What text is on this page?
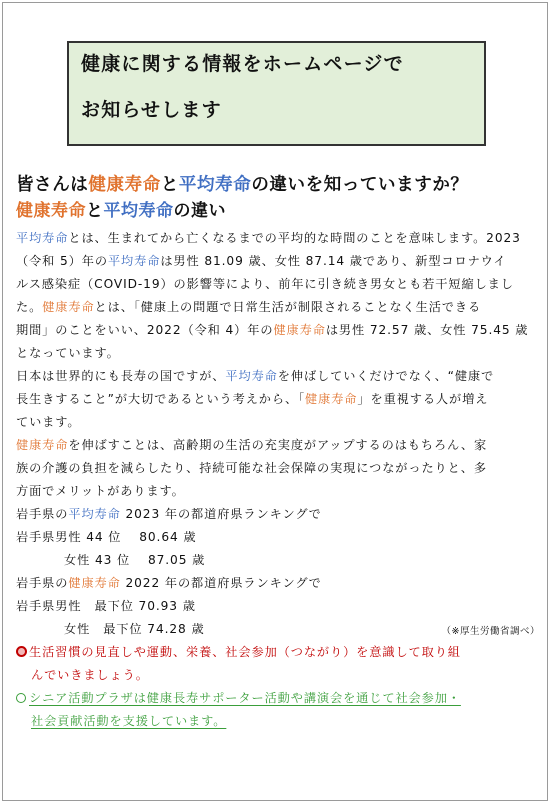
健康に関する情報をホームページで
お知らせします
皆さんは健康寿命と平均寿命の違いを知っていますか？
健康寿命と平均寿命の違い

平均寿命とは、生まれてから亡くなるまでの平均的な時間のことを意味します。2023
（令和 5）年の平均寿命は男性 81.09 歳、女性 87.14 歳であり、新型コロナウイ
ルス感染症（COVID-19）の影響等により、前年に引き続き男女とも若干短縮しまし
た。健康寿命とは、「健康上の問題で日常生活が制限されることなく生活できる
期間」のことをいい、2022（令和 4）年の健康寿命は男性 72.57 歳、女性 75.45 歳
となっています。

日本は世界的にも長寿の国ですが、平均寿命を伸ばしていくだけでなく、“健康で
長生きすること”が大切であるという考えから、「健康寿命」を重視する人が増え
ています。

健康寿命を伸ばすことは、高齢期の生活の充実度がアップするのはもちろん、家
族の介護の負担を減らしたり、持続可能な社会保障の実現につながったりと、多
方面でメリットがあります。

岩手県の平均寿命 2023 年の都道府県ランキングで
岩手県男性 44 位　 80.64 歳
女性 43 位　 87.05 歳
岩手県の健康寿命 2022 年の都道府県ランキングで
岩手県男性　最下位 70.93 歳
女性　最下位 74.28 歳	（※厚生労働省調べ）

生活習慣の見直しや運動、栄養、社会参加（つながり）を意識して取り組
んでいきましょう。

シニア活動プラザは健康長寿サポーター活動や講演会を通じて社会参加・
社会貢献活動を支援しています。
